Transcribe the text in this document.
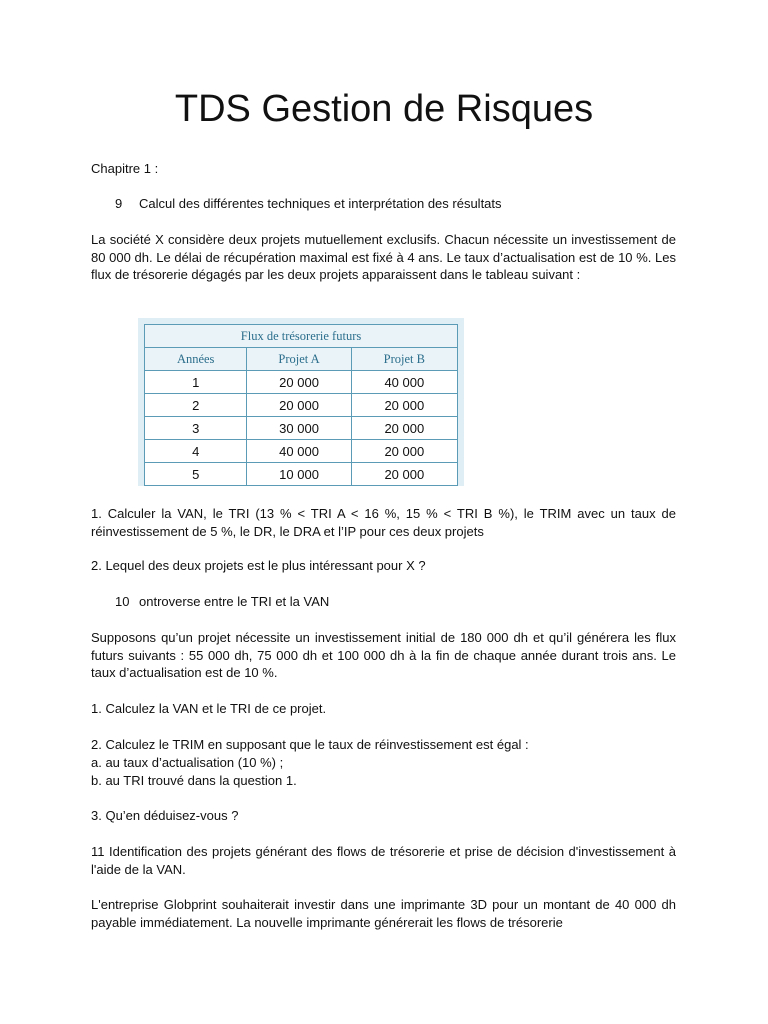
TDS Gestion de Risques

Chapitre 1 :

9 Calcul des différentes techniques et interprétation des résultats

La société X considère deux projets mutuellement exclusifs. Chacun nécessite un investissement de 80 000 dh. Le délai de récupération maximal est fixé à 4 ans. Le taux d’actualisation est de 10 %. Les flux de trésorerie dégagés par les deux projets apparaissent dans le tableau suivant :

Flux de trésorerie futurs		
Années	Projet A	Projet B
1	20 000	40 000
2	20 000	20 000
3	30 000	20 000
4	40 000	20 000
5	10 000	20 000

1. Calculer la VAN, le TRI (13 % < TRI A < 16 %, 15 % < TRI B %), le TRIM avec un taux de réinvestissement de 5 %, le DR, le DRA et l’IP pour ces deux projets

2. Lequel des deux projets est le plus intéressant pour X ?

10 ontroverse entre le TRI et la VAN

Supposons qu’un projet nécessite un investissement initial de 180 000 dh et qu’il générera les flux futurs suivants : 55 000 dh, 75 000 dh et 100 000 dh à la fin de chaque année durant trois ans. Le taux d’actualisation est de 10 %.

1. Calculez la VAN et le TRI de ce projet.

2. Calculez le TRIM en supposant que le taux de réinvestissement est égal :

a. au taux d’actualisation (10 %) ;

b. au TRI trouvé dans la question 1.

3. Qu’en déduisez-vous ?

11 Identification des projets générant des flows de trésorerie et prise de décision d'investissement à l'aide de la VAN.

L'entreprise Globprint souhaiterait investir dans une imprimante 3D pour un montant de 40 000 dh payable immédiatement. La nouvelle imprimante générerait les flows de trésorerie
